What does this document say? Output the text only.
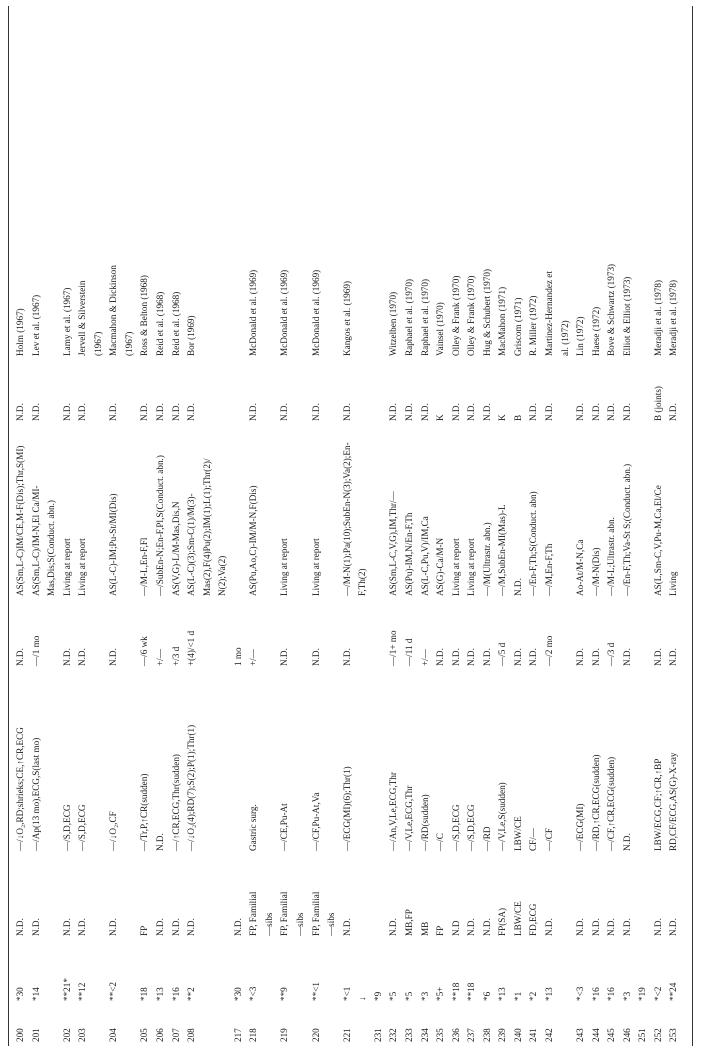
200
*30
N.D.
—/↓O₂,RD;shrieks;CE,↑CR,ECG
N.D.
AS(Sm,L-C)IM/CE,M-F(Dis);Thr,S(MI)
N.D.
Holm (1967)
201
*14
N.D.
—/Ap(13 mo),ECG,S(last mo)
—/1 mo
AS(Sm,L-C)/IM-N,El Ca/MI-
N.D.
Lev et al. (1967)
Mas,Dis;S(Conduct. abn.)
202
**21*
N.D.
—/S,D,ECG
N.D.
Living at report
N.D.
Lamy et al. (1967)
203
**12
N.D.
—/S,D,ECG
N.D.
Living at report
N.D.
Jervell & Silverstein (1967)
204
**<2
N.D.
—/↓O₂,CF
N.D.
AS(L-C)-IM;Pu-St/MI(Dis)
N.D.
Macmahon & Dickinson (1967)
205
*18
FP
—/Tr,P,↑CR(sudden)
—/6 wk
—/M-L,En-F,Fl
N.D.
Ross & Belton (1968)
206
*13
N.D.
N.D.
+/—
—/SubEn-N;En-F,Pl,S(Conduct. abn.)
N.D.
Reid et al. (1968)
207
*16
N.D.
—/↑CR,ECG,Thr(sudden)
+/3 d
AS(V,G)-L/M-Mas,Dis,N
N.D.
Reid et al. (1968)
208
**2
N.D.
—/↓O₂(4);RD(7);S(2);P(1);Thr(1)
+(4)/<1 d
AS(L-C)(3);Sm-C(1)/M(3)-
N.D.
Bor (1969)
Mas(2),F(4)Pu(2);IM(1);L(1);Thr(2)/ N(2);Va(2)
217
*30
N.D.
1 mo
218
*<3
FP, Familial
Gastric surg.
+/—
AS(Pu,Ao,C)-IM/M-N,F(Dis)
N.D.
McDonald et al. (1969)
—sibs
219
**9
FP, Familial
—/CE,Pu-At
N.D.
Living at report
N.D.
McDonald et al. (1969)
—sibs
220
**<1
FP, Familial
—/CF,Pu-At,Va
N.D.
Living at report
N.D.
McDonald et al. (1969)
—sibs
221
*<1
N.D.
—/ECG(MI)(6);Thr(1)
N.D.
—/M-N(1);Pa(10);SubEn-N(3);Va(2);En-
N.D.
Kangos et al. (1969)
↓
F,Th(2)
231
*9
232
*5
N.D.
—/An,V,Le,ECG,Thr
—/1+ mo
AS(Sm,L-C,V,G),IM,Thr/—
N.D.
Witzelben (1970)
233
*5
MB,FP
—/V,Le,ECG,Thr
—/11 d
AS(Pu)-IM,N/En-F,Th
N.D.
Raphael et al. (1970)
234
*3
MB
—/RD(sudden)
+/—
AS(L-C,Pu,V)/IM,Ca
N.D.
Raphael et al. (1970)
235
*5+
FP
—/C
N.D.
AS(G)-Ca/M-N
K
Vainsel (1970)
236
**18
N.D
—/S,D,ECG
N.D.
Living at report
N.D.
Olley & Frank (1970)
237
**18
N.D.
—/S,D,ECG
N.D.
Living at report
N.D.
Olley & Frank (1970)
238
*6
N.D.
—/RD
N.D.
—/M(Ultrastr. abn.)
N.D.
Hug & Schubert (1970)
239
*13
FP(SA)
—/V,Le,S(sudden)
—/5 d
—/M,SubEn-MI(Mas)-L
K
MacMahon (1971)
240
*1
LBW/CE
LBW/CE
N.D.
N.D.
B
Griscom (1971)
241
*2
FD,ECG
CF/—
N.D.
—/En-F,Th;S(Conduct. abn)
N.D.
R. Miller (1972)
242
*13
N.D.
—/CF
—/2 mo
—/M,En-F,Th
N.D.
Martinez-Hernandez et al. (1972)
243
*<3
N.D.
—/ECG(MI)
N.D.
Ao-At/M-N,Ca
N.D.
Lin (1972)
244
*16
N.D.
—/RD,↑CR,ECG(sudden)
N.D.
—/M-N(Dis)
N.D.
Haese (1972)
245
*16
N.D.
—/CF,↑CR,ECG(sudden)
—/3 d
—/M-L;Ultrastr. abn.
N.D.
Bove & Schwartz (1973)
246
*3
N.D.
N.D.
N.D.
—/En-F,Th;Va-St S;(Conduct. abn.)
N.D.
Elliot & Elliot (1973)
251
*19
252
*<2
N.D.
LBW/ECG,CF;↑CR,↑BP
N.D.
AS(L,Sm-C,V,Pu-M,Ca,El/Ce
B (joints)
Meradji et al. (1978)
253
**24
N.D.
RD,CF/ECG,AS(G)-X-ray
N.D.
Living
N.D.
Meradji et al. (1978)
